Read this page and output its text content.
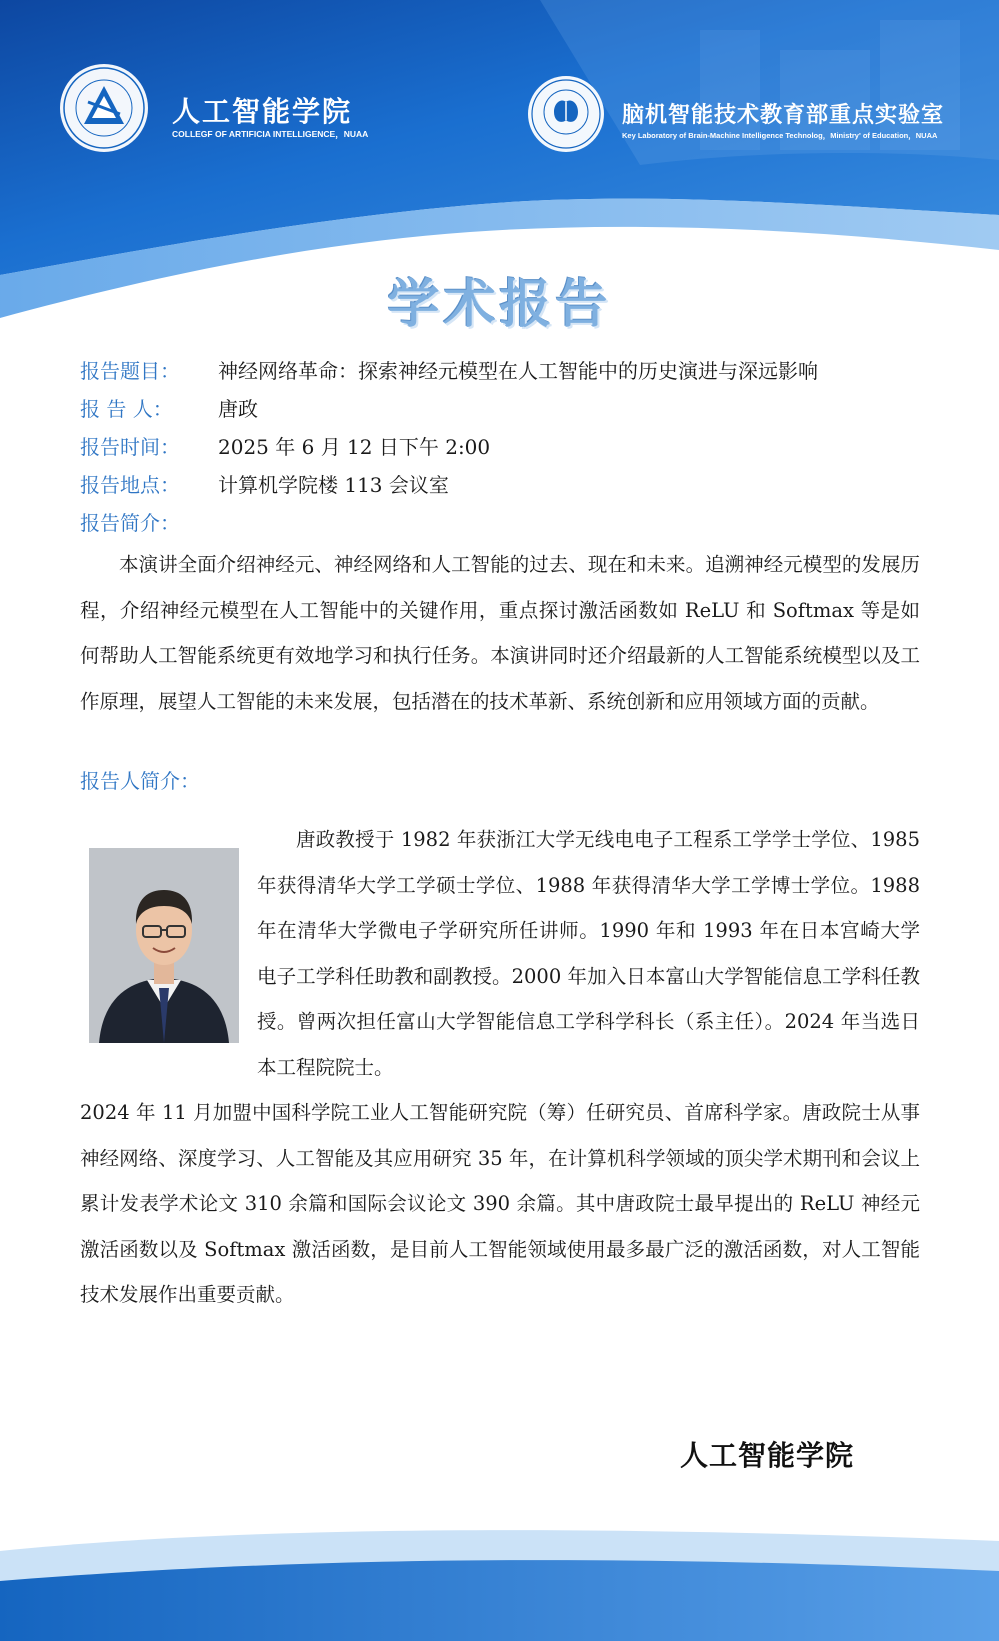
人工智能学院
COLLEGF OF ARTIFICIA INTELLIGENCE，NUAA
脑机智能技术教育部重点实验室
Key Laboratory of Brain-Machine Intelligence Technolog，Ministry' of Education，NUAA
学术报告
报告题目： 神经网络革命：探索神经元模型在人工智能中的历史演进与深远影响
报 告 人： 唐政
报告时间： 2025 年 6 月 12 日下午 2:00
报告地点： 计算机学院楼 113 会议室
报告简介：
本演讲全面介绍神经元、神经网络和人工智能的过去、现在和未来。追溯神经元模型的发展历程，介绍神经元模型在人工智能中的关键作用，重点探讨激活函数如 ReLU 和 Softmax 等是如何帮助人工智能系统更有效地学习和执行任务。本演讲同时还介绍最新的人工智能系统模型以及工作原理，展望人工智能的未来发展，包括潜在的技术革新、系统创新和应用领域方面的贡献。
报告人简介：
唐政教授于 1982 年获浙江大学无线电电子工程系工学学士学位、1985 年获得清华大学工学硕士学位、1988 年获得清华大学工学博士学位。1988 年在清华大学微电子学研究所任讲师。1990 年和 1993 年在日本宫崎大学电子工学科任助教和副教授。2000 年加入日本富山大学智能信息工学科任教授。曾两次担任富山大学智能信息工学科学科长（系主任）。2024 年当选日本工程院院士。
2024 年 11 月加盟中国科学院工业人工智能研究院（筹）任研究员、首席科学家。唐政院士从事神经网络、深度学习、人工智能及其应用研究 35 年，在计算机科学领域的顶尖学术期刊和会议上累计发表学术论文 310 余篇和国际会议论文 390 余篇。其中唐政院士最早提出的 ReLU 神经元激活函数以及 Softmax 激活函数，是目前人工智能领域使用最多最广泛的激活函数，对人工智能技术发展作出重要贡献。
人工智能学院
